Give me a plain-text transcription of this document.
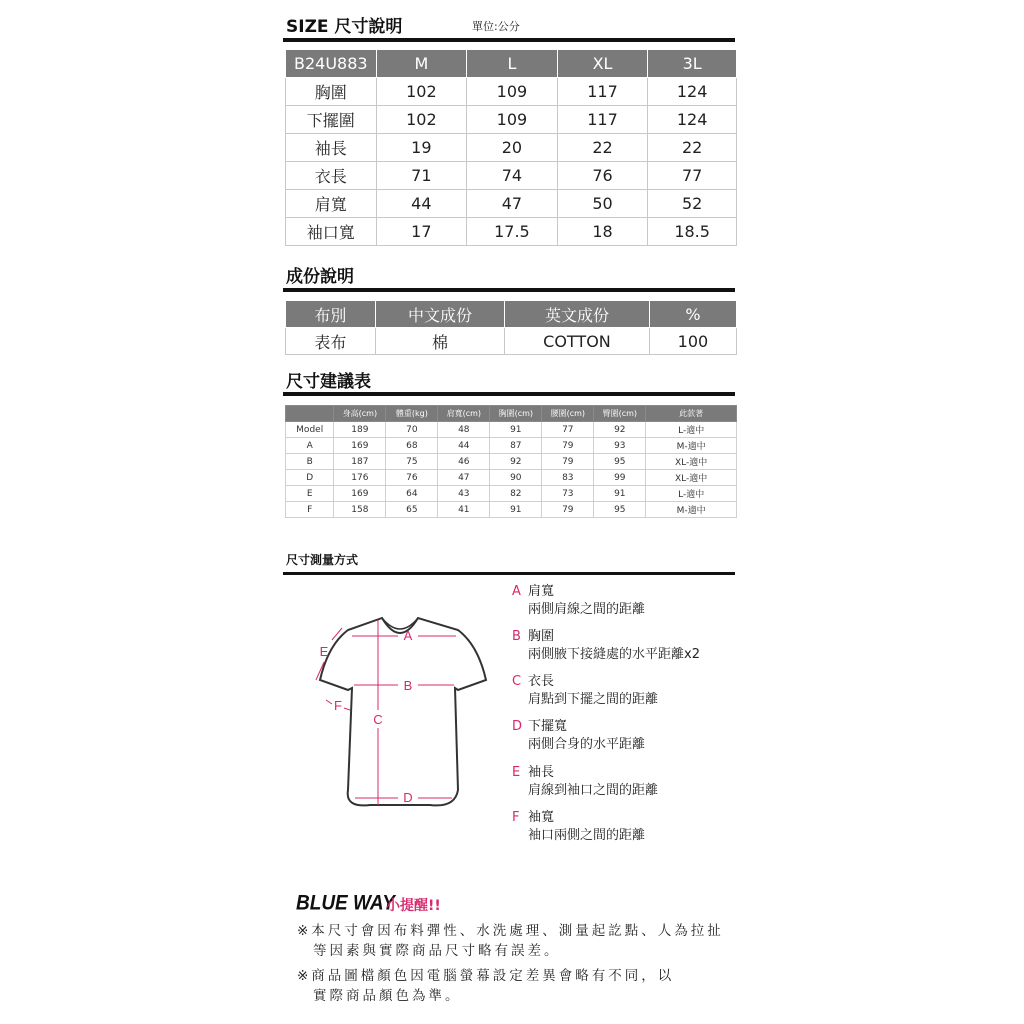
SIZE 尺寸說明	單位:公分
B24U883	M	L	XL	3L
胸圍	102	109	117	124
下擺圍	102	109	117	124
袖長	19	20	22	22
衣長	71	74	76	77
肩寬	44	47	50	52
袖口寬	17	17.5	18	18.5
成份說明
布別	中文成份	英文成份	%
表布	棉	COTTON	100
尺寸建議表
	身高(cm)	體重(kg)	肩寬(cm)	胸圍(cm)	腰圍(cm)	臀圍(cm)	此款著
Model	189	70	48	91	77	92	L-適中
A	169	68	44	87	79	93	M-適中
B	187	75	46	92	79	95	XL-適中
D	176	76	47	90	83	99	XL-適中
E	169	64	43	82	73	91	L-適中
F	158	65	41	91	79	95	M-適中
尺寸測量方式
A
B
C
D
E
F
A 肩寬
兩側肩線之間的距離
B 胸圍
兩側腋下接縫處的水平距離x2
C 衣長
肩點到下擺之間的距離
D 下擺寬
兩側合身的水平距離
E 袖長
肩線到袖口之間的距離
F 袖寬
袖口兩側之間的距離
BLUE WAY
小提醒!!
※本尺寸會因布料彈性、水洗處理、測量起訖點、人為拉扯
等因素與實際商品尺寸略有誤差。
※商品圖檔顏色因電腦螢幕設定差異會略有不同，以
實際商品顏色為準。
